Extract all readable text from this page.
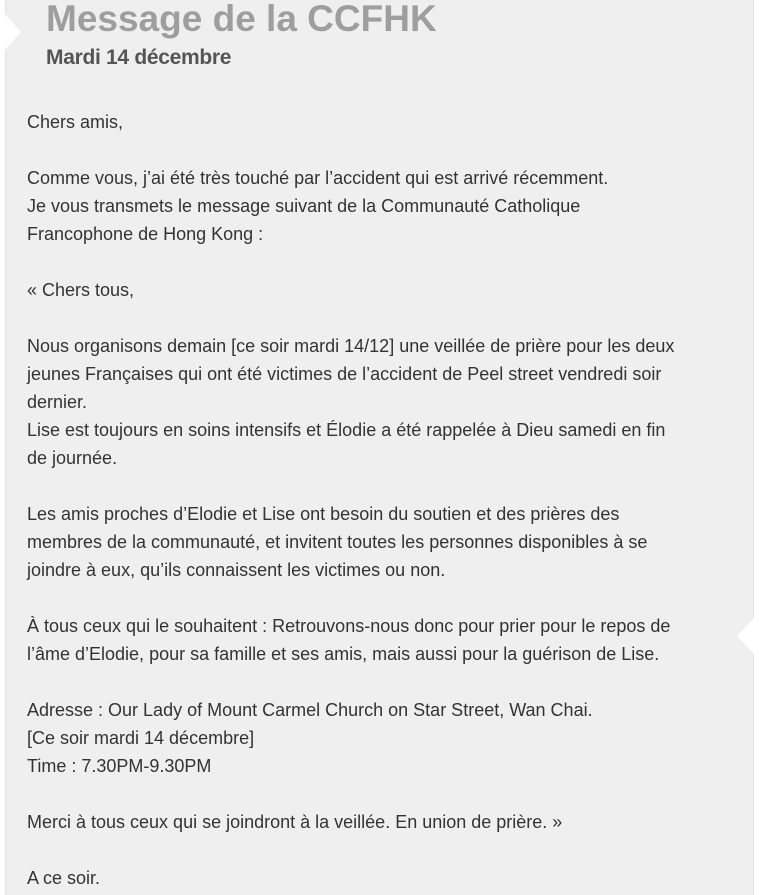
Message de la CCFHK
Mardi 14 décembre

Chers amis,

Comme vous, j’ai été très touché par l’accident qui est arrivé récemment.
Je vous transmets le message suivant de la Communauté Catholique
Francophone de Hong Kong :

« Chers tous,

Nous organisons demain [ce soir mardi 14/12] une veillée de prière pour les deux
jeunes Françaises qui ont été victimes de l’accident de Peel street vendredi soir
dernier.
Lise est toujours en soins intensifs et Élodie a été rappelée à Dieu samedi en fin
de journée.

Les amis proches d’Elodie et Lise ont besoin du soutien et des prières des
membres de la communauté, et invitent toutes les personnes disponibles à se
joindre à eux, qu’ils connaissent les victimes ou non.

À tous ceux qui le souhaitent : Retrouvons-nous donc pour prier pour le repos de
l’âme d’Elodie, pour sa famille et ses amis, mais aussi pour la guérison de Lise.

Adresse : Our Lady of Mount Carmel Church on Star Street, Wan Chai.
[Ce soir mardi 14 décembre]
Time : 7.30PM-9.30PM

Merci à tous ceux qui se joindront à la veillée. En union de prière. »

A ce soir.
